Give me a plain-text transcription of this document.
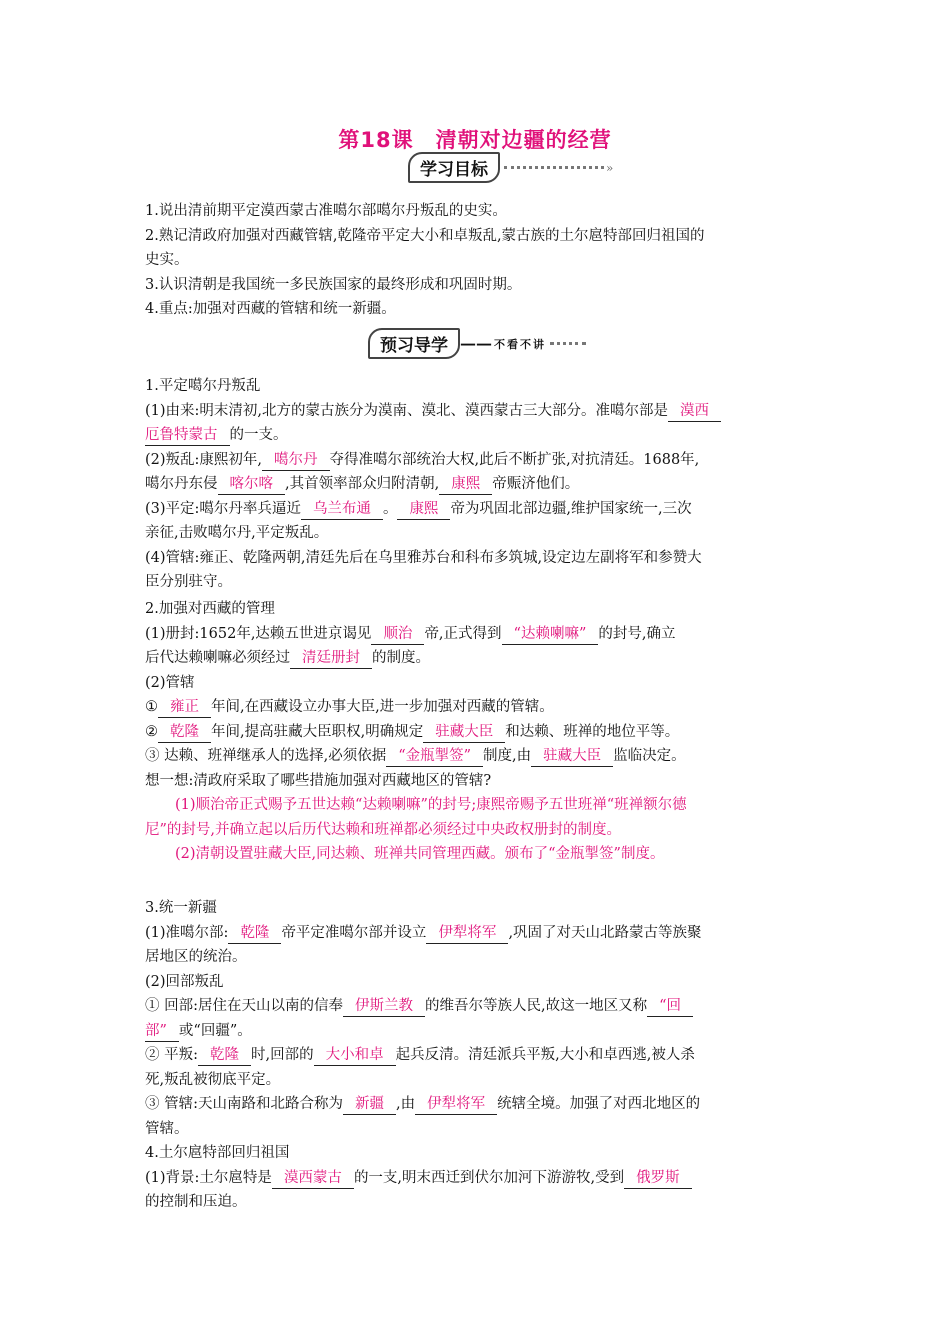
第18课　清朝对边疆的经营
学习目标	»
预习导学 —— 不看不讲
1.说出清前期平定漠西蒙古准噶尔部噶尔丹叛乱的史实。
2.熟记清政府加强对西藏管辖,乾隆帝平定大小和卓叛乱,蒙古族的土尔扈特部回归祖国的
史实。
3.认识清朝是我国统一多民族国家的最终形成和巩固时期。
4.重点:加强对西藏的管辖和统一新疆。
1.平定噶尔丹叛乱
(1)由来:明末清初,北方的蒙古族分为漠南、漠北、漠西蒙古三大部分。准噶尔部是 漠西
厄鲁特蒙古 的一支。
(2)叛乱:康熙初年, 噶尔丹 夺得准噶尔部统治大权,此后不断扩张,对抗清廷。1688年,
噶尔丹东侵 喀尔喀 ,其首领率部众归附清朝, 康熙 帝赈济他们。
(3)平定:噶尔丹率兵逼近 乌兰布通 。 康熙 帝为巩固北部边疆,维护国家统一,三次
亲征,击败噶尔丹,平定叛乱。
(4)管辖:雍正、乾隆两朝,清廷先后在乌里雅苏台和科布多筑城,设定边左副将军和参赞大
臣分别驻守。
2.加强对西藏的管理
(1)册封:1652年,达赖五世进京谒见 顺治 帝,正式得到 “达赖喇嘛” 的封号,确立
后代达赖喇嘛必须经过 清廷册封 的制度。
(2)管辖
① 雍正 年间,在西藏设立办事大臣,进一步加强对西藏的管辖。
② 乾隆 年间,提高驻藏大臣职权,明确规定 驻藏大臣 和达赖、班禅的地位平等。
③ 达赖、班禅继承人的选择,必须依据 “金瓶掣签” 制度,由 驻藏大臣 监临决定。
想一想:清政府采取了哪些措施加强对西藏地区的管辖?
(1)顺治帝正式赐予五世达赖“达赖喇嘛”的封号;康熙帝赐予五世班禅“班禅额尔德
尼”的封号,并确立起以后历代达赖和班禅都必须经过中央政权册封的制度。
(2)清朝设置驻藏大臣,同达赖、班禅共同管理西藏。颁布了“金瓶掣签”制度。
3.统一新疆
(1)准噶尔部: 乾隆 帝平定准噶尔部并设立 伊犁将军 ,巩固了对天山北路蒙古等族聚
居地区的统治。
(2)回部叛乱
① 回部:居住在天山以南的信奉 伊斯兰教 的维吾尔等族人民,故这一地区又称 “回
部” 或“回疆”。
② 平叛: 乾隆 时,回部的 大小和卓 起兵反清。清廷派兵平叛,大小和卓西逃,被人杀
死,叛乱被彻底平定。
③ 管辖:天山南路和北路合称为 新疆 ,由 伊犁将军 统辖全境。加强了对西北地区的
管辖。
4.土尔扈特部回归祖国
(1)背景:土尔扈特是 漠西蒙古 的一支,明末西迁到伏尔加河下游游牧,受到 俄罗斯
的控制和压迫。
